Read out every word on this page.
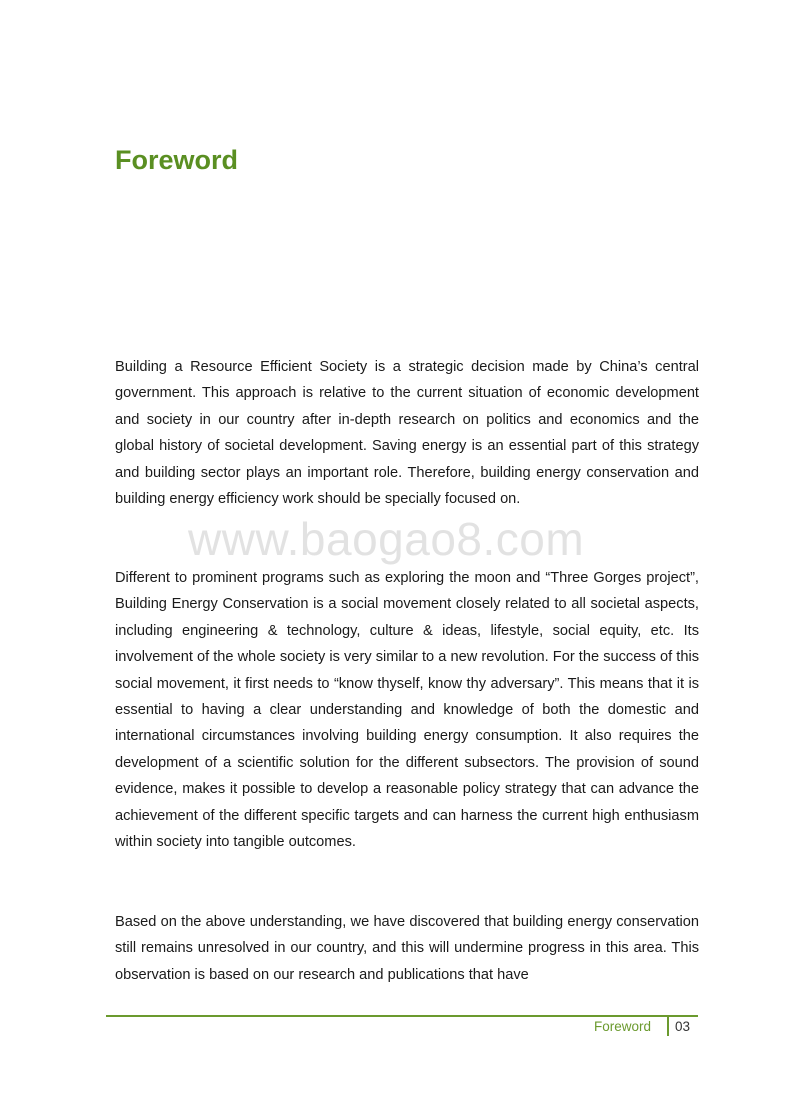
Foreword

Building a Resource Efficient Society is a strategic decision made by China’s central government. This approach is relative to the current situation of economic development and society in our country after in-depth research on politics and economics and the global history of societal development. Saving energy is an essential part of this strategy and building sector plays an important role. Therefore, building energy conservation and building energy efficiency work should be specially focused on.

www.baogao8.com

Different to prominent programs such as exploring the moon and “Three Gorges project”, Building Energy Conservation is a social movement closely related to all societal aspects, including engineering & technology, culture & ideas, lifestyle, social equity, etc. Its involvement of the whole society is very similar to a new revolution. For the success of this social movement, it first needs to “know thyself, know thy adversary”. This means that it is essential to having a clear understanding and knowledge of both the domestic and international circumstances involving building energy consumption. It also requires the development of a scientific solution for the different subsectors. The provision of sound evidence, makes it possible to develop a reasonable policy strategy that can advance the achievement of the different specific targets and can harness the current high enthusiasm within society into tangible outcomes.

Based on the above understanding, we have discovered that building energy conservation still remains unresolved in our country, and this will undermine progress in this area. This observation is based on our research and publications that have

Foreword 03
